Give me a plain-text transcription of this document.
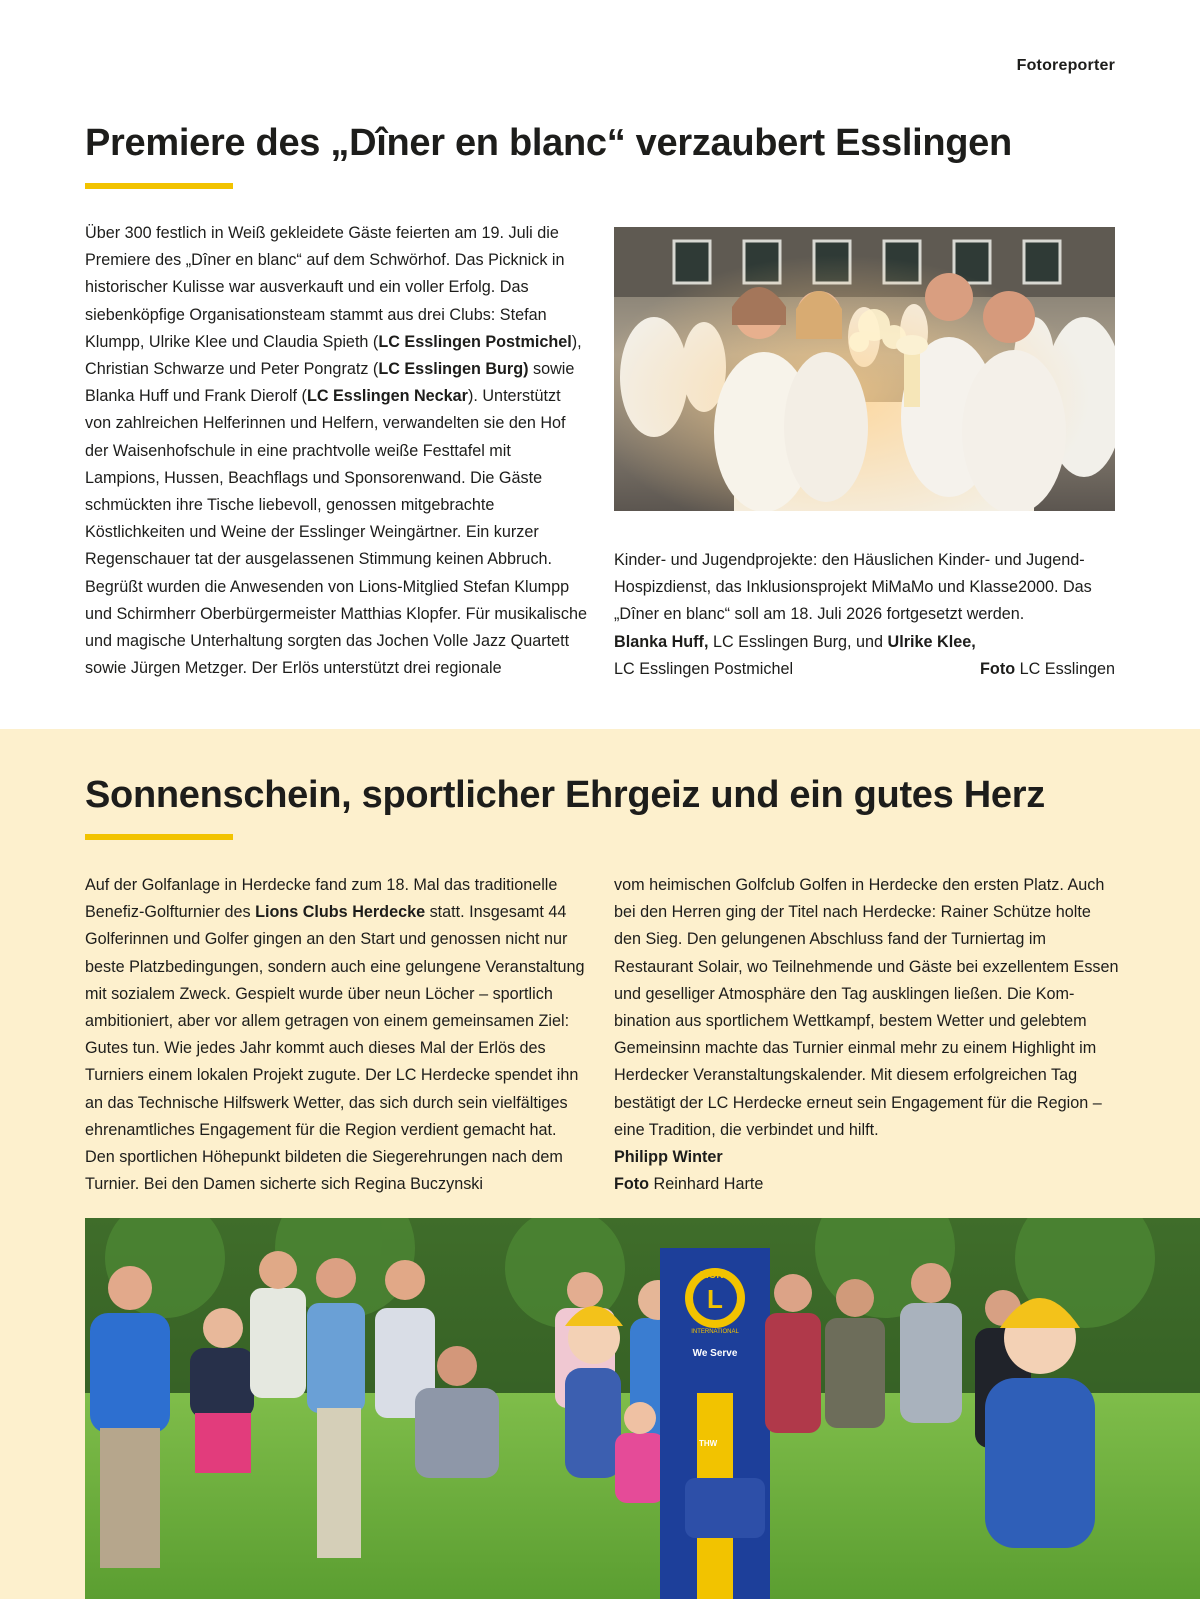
Fotoreporter
Premiere des „Dîner en blanc“ verzaubert Esslingen

Über 300 festlich in Weiß gekleidete Gäste feierten am 19. Juli die Premiere des „Dîner en blanc“ auf dem Schwörhof. Das Picknick in historischer Kulisse war ausverkauft und ein voller Erfolg. Das siebenköpfige Organisationsteam stammt aus drei Clubs: Stefan Klumpp, Ulrike Klee und Claudia Spieth (LC Esslingen Postmichel), Christian Schwarze und Peter Pongratz (LC Esslingen Burg) sowie Blanka Huff und Frank Dierolf (LC Esslingen Neckar). Unterstützt von zahlreichen Helferinnen und Helfern, verwandelten sie den Hof der Waisenhofschule in eine prachtvolle weiße Festtafel mit Lampions, Hussen, Beachflags und Sponsorenwand. Die Gäste schmückten ihre Tische liebevoll, genossen mitgebrachte Köstlichkeiten und Weine der Esslinger Weingärtner. Ein kurzer Regenschauer tat der ausgelassenen Stimmung keinen Abbruch. Begrüßt wurden die Anwesenden von Lions-Mitglied Stefan Klumpp und Schirmherr Oberbürgermeister Matthias Klopfer. Für musikalische und magische Unterhaltung sorgten das Jochen Volle Jazz Quartett sowie Jürgen Metzger. Der Erlös unterstützt drei regionale

Kinder- und Jugendprojekte: den Häuslichen Kinder- und Jugend-Hospizdienst, das Inklusionsprojekt MiMaMo und Klasse2000. Das „Dîner en blanc“ soll am 18. Juli 2026 fortgesetzt werden.

Blanka Huff, LC Esslingen Burg, und Ulrike Klee,

LC Esslingen Postmichel	Foto LC Esslingen

Sonnenschein, sportlicher Ehrgeiz und ein gutes Herz

Auf der Golfanlage in Herdecke fand zum 18. Mal das traditionelle Benefiz-Golfturnier des Lions Clubs Herdecke statt. Insgesamt 44 Golferinnen und Golfer gingen an den Start und genossen nicht nur beste Platzbedingungen, sondern auch eine gelungene Veranstaltung mit sozialem Zweck. Gespielt wurde über neun Löcher – sportlich ambitioniert, aber vor allem getragen von einem gemeinsamen Ziel: Gutes tun. Wie jedes Jahr kommt auch dieses Mal der Erlös des Turniers einem lokalen Projekt zugute. Der LC Herdecke spendet ihn an das Technische Hilfswerk Wetter, das sich durch sein vielfältiges ehrenamtliches Engagement für die Region verdient gemacht hat. Den sportlichen Höhepunkt bildeten die Siegerehrungen nach dem Turnier. Bei den Damen sicherte sich Regina Buczynski

vom heimischen Golfclub Golfen in Herdecke den ersten Platz. Auch bei den Herren ging der Titel nach Herdecke: Rainer Schütze holte den Sieg. Den gelungenen Abschluss fand der Turniertag im Restaurant Solair, wo Teilnehmende und Gäste bei exzellentem Essen und geselliger Atmosphäre den Tag ausklingen ließen. Die Kombination aus sportlichem Wettkampf, bestem Wetter und gelebtem Gemeinsinn machte das Turnier einmal mehr zu einem Highlight im Herdecker Veranstaltungskalender. Mit diesem erfolgreichen Tag bestätigt der LC Herdecke erneut sein Engagement für die Region – eine Tradition, die verbindet und hilft.

Philipp Winter

Foto Reinhard Harte

L
LIONS
INTERNATIONAL
We Serve
THW
